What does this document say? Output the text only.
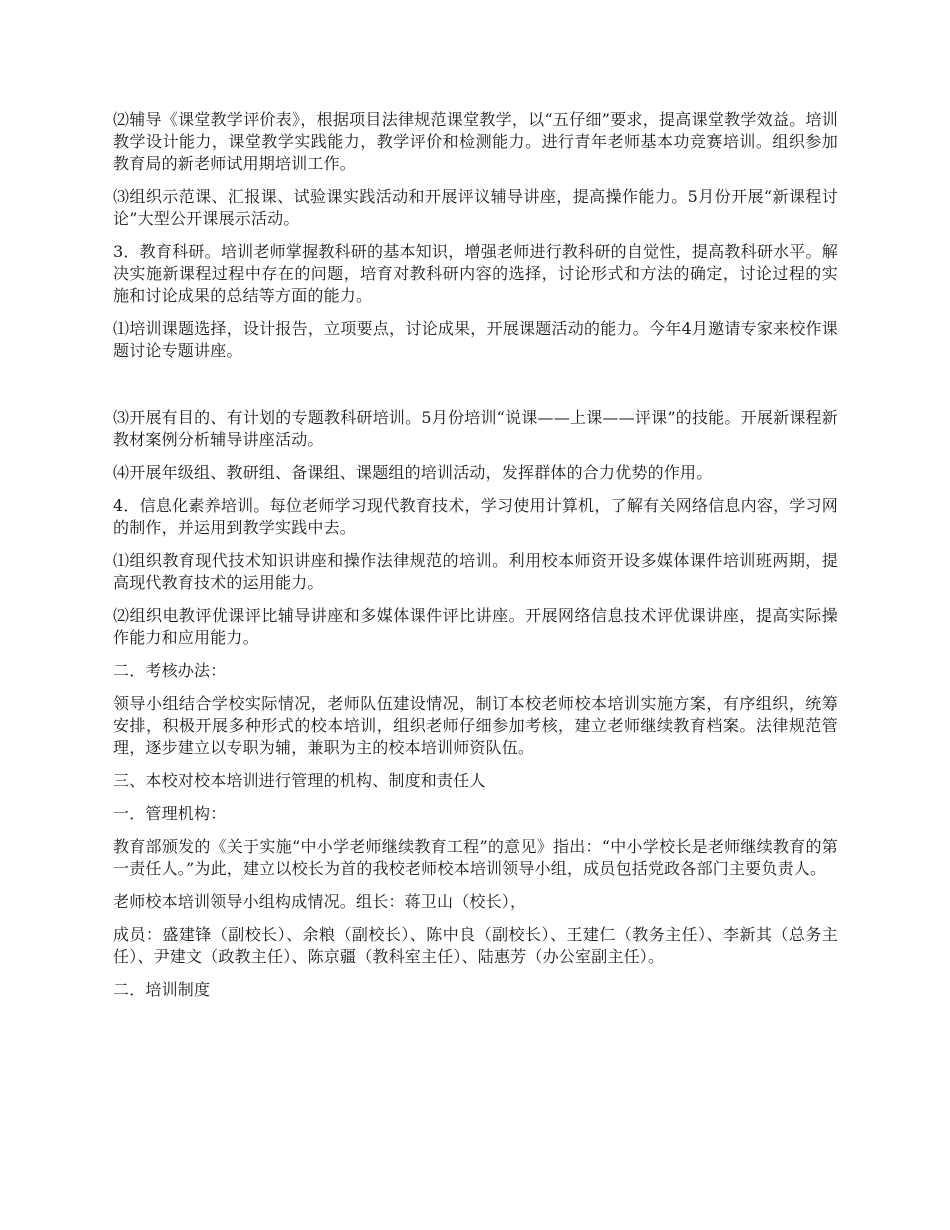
⑵辅导《课堂教学评价表》，根据项目法律规范课堂教学，以“五仔细”要求，提高课堂教学效益。培训教学设计能力，课堂教学实践能力，教学评价和检测能力。进行青年老师基本功竞赛培训。组织参加教育局的新老师试用期培训工作。

⑶组织示范课、汇报课、试验课实践活动和开展评议辅导讲座，提高操作能力。5月份开展“新课程讨论”大型公开课展示活动。

3．教育科研。培训老师掌握教科研的基本知识，增强老师进行教科研的自觉性，提高教科研水平。解决实施新课程过程中存在的问题，培育对教科研内容的选择，讨论形式和方法的确定，讨论过程的实施和讨论成果的总结等方面的能力。

⑴培训课题选择，设计报告，立项要点，讨论成果，开展课题活动的能力。今年4月邀请专家来校作课题讨论专题讲座。

⑶开展有目的、有计划的专题教科研培训。5月份培训“说课——上课——评课”的技能。开展新课程新教材案例分析辅导讲座活动。

⑷开展年级组、教研组、备课组、课题组的培训活动，发挥群体的合力优势的作用。

4．信息化素养培训。每位老师学习现代教育技术，学习使用计算机，了解有关网络信息内容，学习网的制作，并运用到教学实践中去。

⑴组织教育现代技术知识讲座和操作法律规范的培训。利用校本师资开设多媒体课件培训班两期，提高现代教育技术的运用能力。

⑵组织电教评优课评比辅导讲座和多媒体课件评比讲座。开展网络信息技术评优课讲座，提高实际操作能力和应用能力。

二．考核办法：

领导小组结合学校实际情况，老师队伍建设情况，制订本校老师校本培训实施方案，有序组织，统筹安排，积极开展多种形式的校本培训，组织老师仔细参加考核，建立老师继续教育档案。法律规范管理，逐步建立以专职为辅，兼职为主的校本培训师资队伍。

三、本校对校本培训进行管理的机构、制度和责任人

一．管理机构：

教育部颁发的《关于实施“中小学老师继续教育工程”的意见》指出：“中小学校长是老师继续教育的第一责任人。”为此，建立以校长为首的我校老师校本培训领导小组，成员包括党政各部门主要负责人。

老师校本培训领导小组构成情况。组长：蒋卫山（校长），

成员：盛建锋（副校长）、余粮（副校长）、陈中良（副校长）、王建仁（教务主任）、李新其（总务主任）、尹建文（政教主任）、陈京疆（教科室主任）、陆惠芳（办公室副主任）。

二．培训制度
